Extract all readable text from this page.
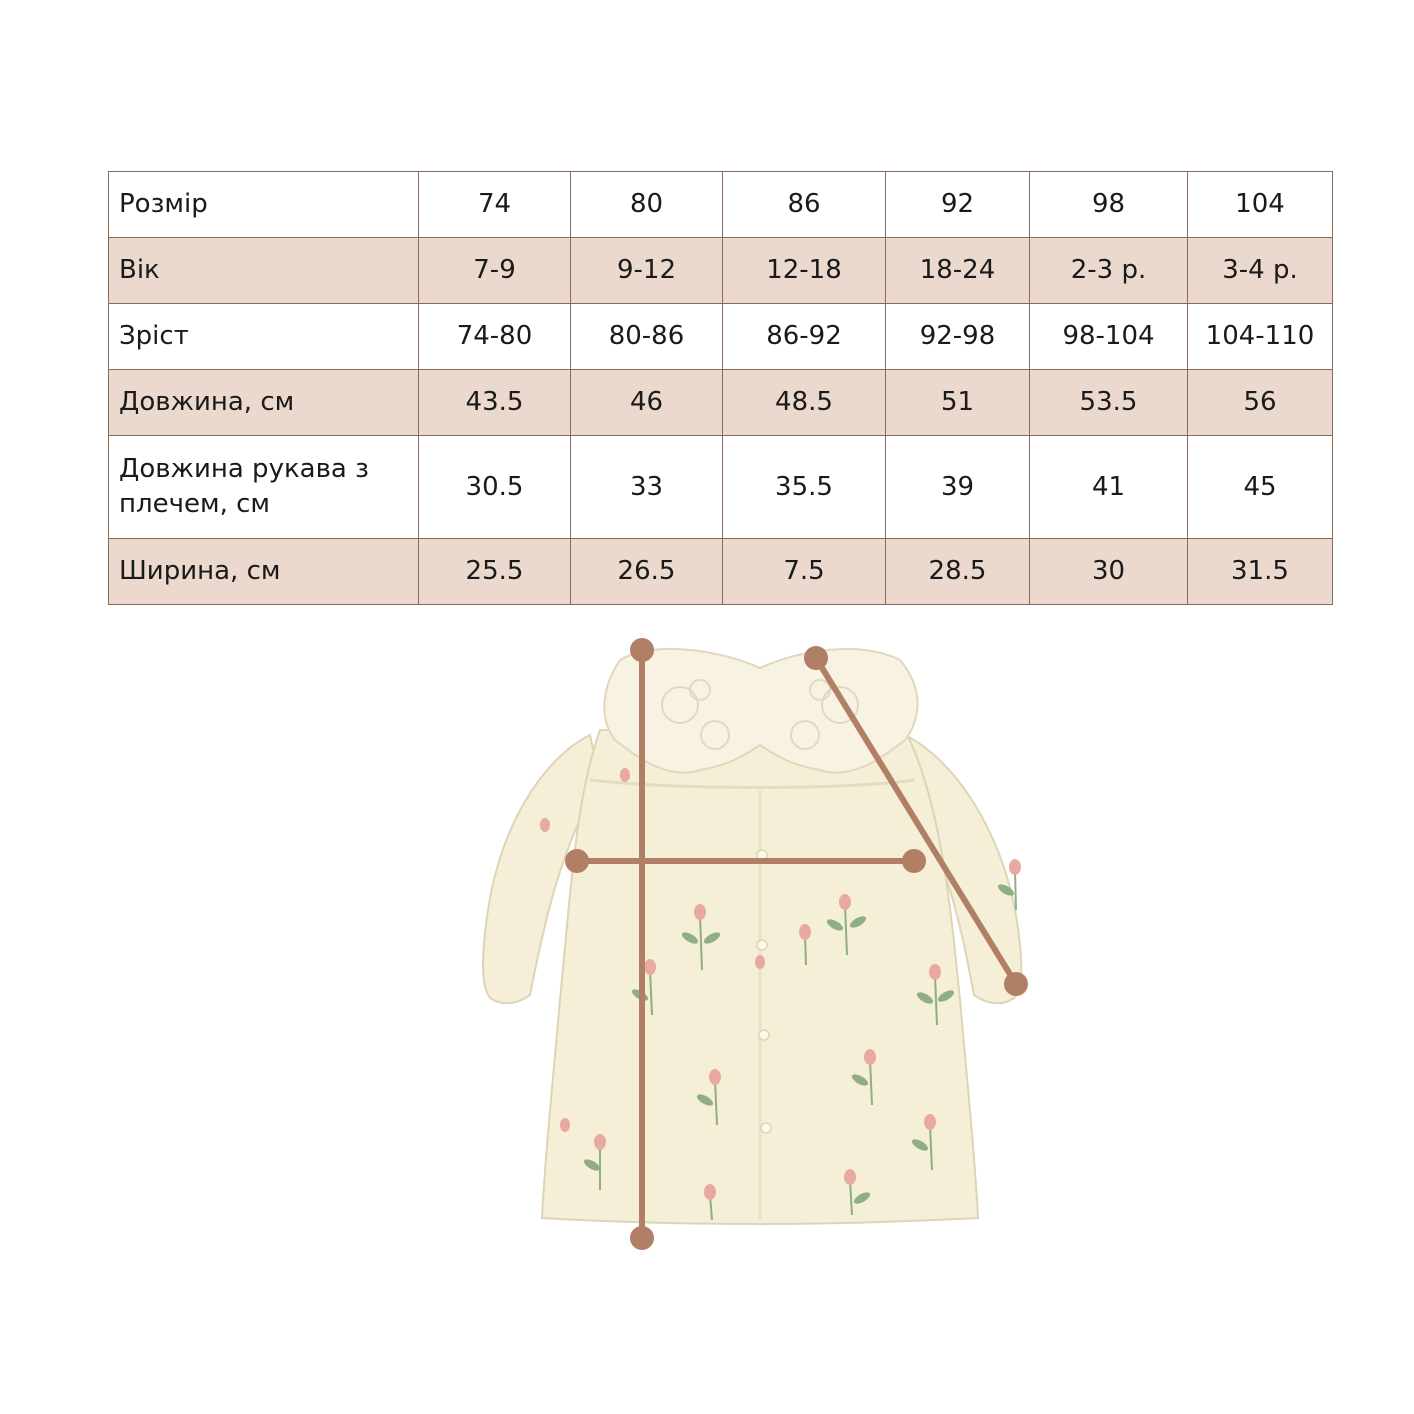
Розмір	74	80	86	92	98	104
Вік	7-9	9-12	12-18	18-24	2-3 р.	3-4 р.
Зріст	74-80	80-86	86-92	92-98	98-104	104-110
Довжина, см	43.5	46	48.5	51	53.5	56
Довжина рукава з плечем, см	30.5	33	35.5	39	41	45
Ширина, см	25.5	26.5	7.5	28.5	30	31.5
